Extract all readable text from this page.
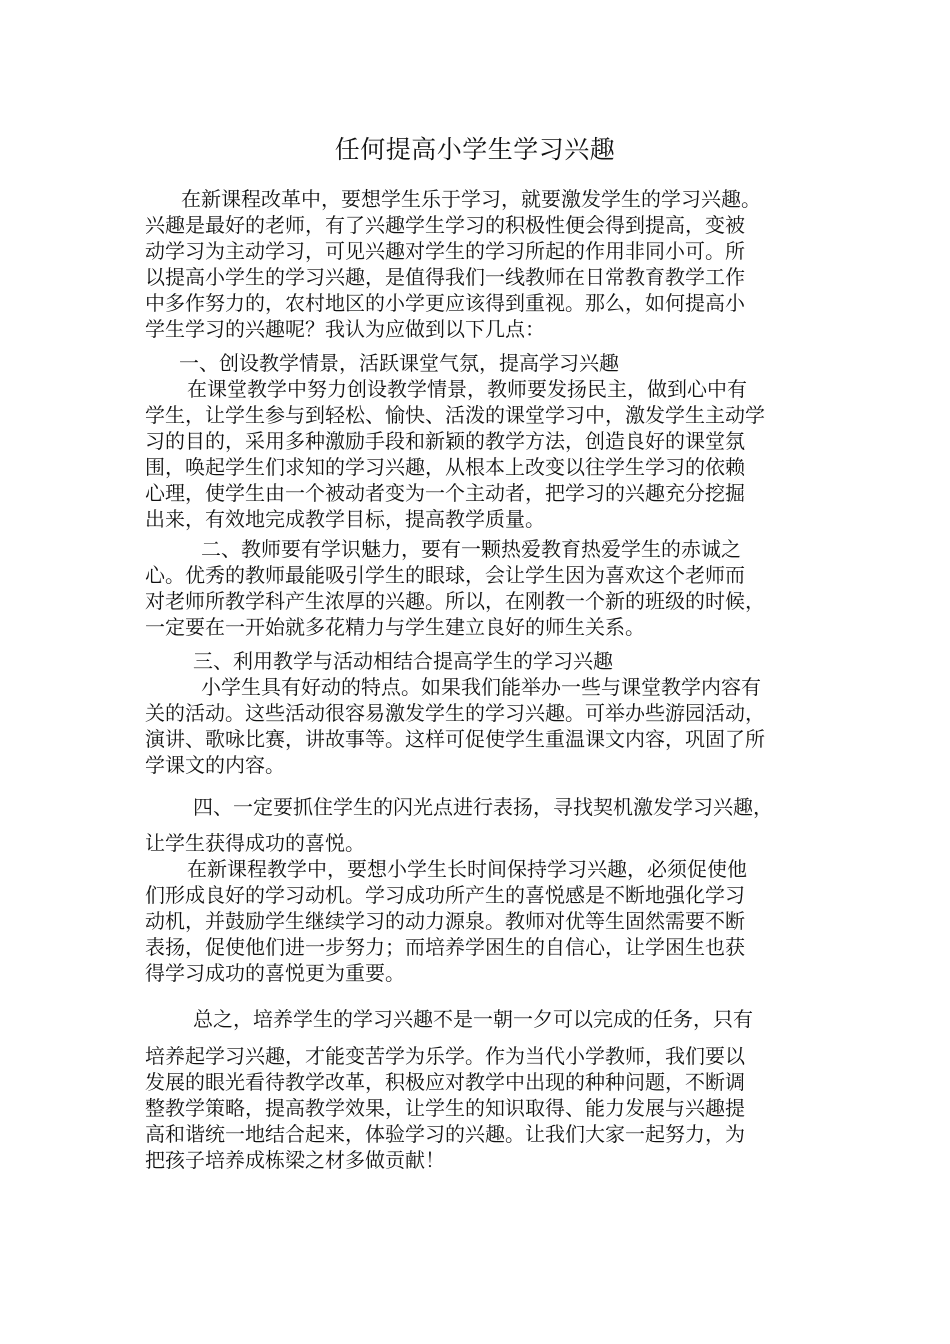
任何提高小学生学习兴趣
在新课程改革中，要想学生乐于学习，就要激发学生的学习兴趣。
兴趣是最好的老师，有了兴趣学生学习的积极性便会得到提高，变被
动学习为主动学习，可见兴趣对学生的学习所起的作用非同小可。所
以提高小学生的学习兴趣，是值得我们一线教师在日常教育教学工作
中多作努力的，农村地区的小学更应该得到重视。那么，如何提高小
学生学习的兴趣呢？我认为应做到以下几点：
一、创设教学情景，活跃课堂气氛，提高学习兴趣
在课堂教学中努力创设教学情景，教师要发扬民主，做到心中有
学生，让学生参与到轻松、愉快、活泼的课堂学习中，激发学生主动学
习的目的，采用多种激励手段和新颖的教学方法，创造良好的课堂氛
围，唤起学生们求知的学习兴趣，从根本上改变以往学生学习的依赖
心理，使学生由一个被动者变为一个主动者，把学习的兴趣充分挖掘
出来，有效地完成教学目标，提高教学质量。
二、教师要有学识魅力，要有一颗热爱教育热爱学生的赤诚之
心。优秀的教师最能吸引学生的眼球，会让学生因为喜欢这个老师而
对老师所教学科产生浓厚的兴趣。所以，在刚教一个新的班级的时候，
一定要在一开始就多花精力与学生建立良好的师生关系。
三、利用教学与活动相结合提高学生的学习兴趣
小学生具有好动的特点。如果我们能举办一些与课堂教学内容有
关的活动。这些活动很容易激发学生的学习兴趣。可举办些游园活动，
演讲、歌咏比赛，讲故事等。这样可促使学生重温课文内容，巩固了所
学课文的内容。
四、一定要抓住学生的闪光点进行表扬，寻找契机激发学习兴趣，
让学生获得成功的喜悦。
在新课程教学中，要想小学生长时间保持学习兴趣，必须促使他
们形成良好的学习动机。学习成功所产生的喜悦感是不断地强化学习
动机，并鼓励学生继续学习的动力源泉。教师对优等生固然需要不断
表扬，促使他们进一步努力；而培养学困生的自信心，让学困生也获
得学习成功的喜悦更为重要。
总之，培养学生的学习兴趣不是一朝一夕可以完成的任务，只有
培养起学习兴趣，才能变苦学为乐学。作为当代小学教师，我们要以
发展的眼光看待教学改革，积极应对教学中出现的种种问题，不断调
整教学策略，提高教学效果，让学生的知识取得、能力发展与兴趣提
高和谐统一地结合起来，体验学习的兴趣。让我们大家一起努力，为
把孩子培养成栋梁之材多做贡献！
